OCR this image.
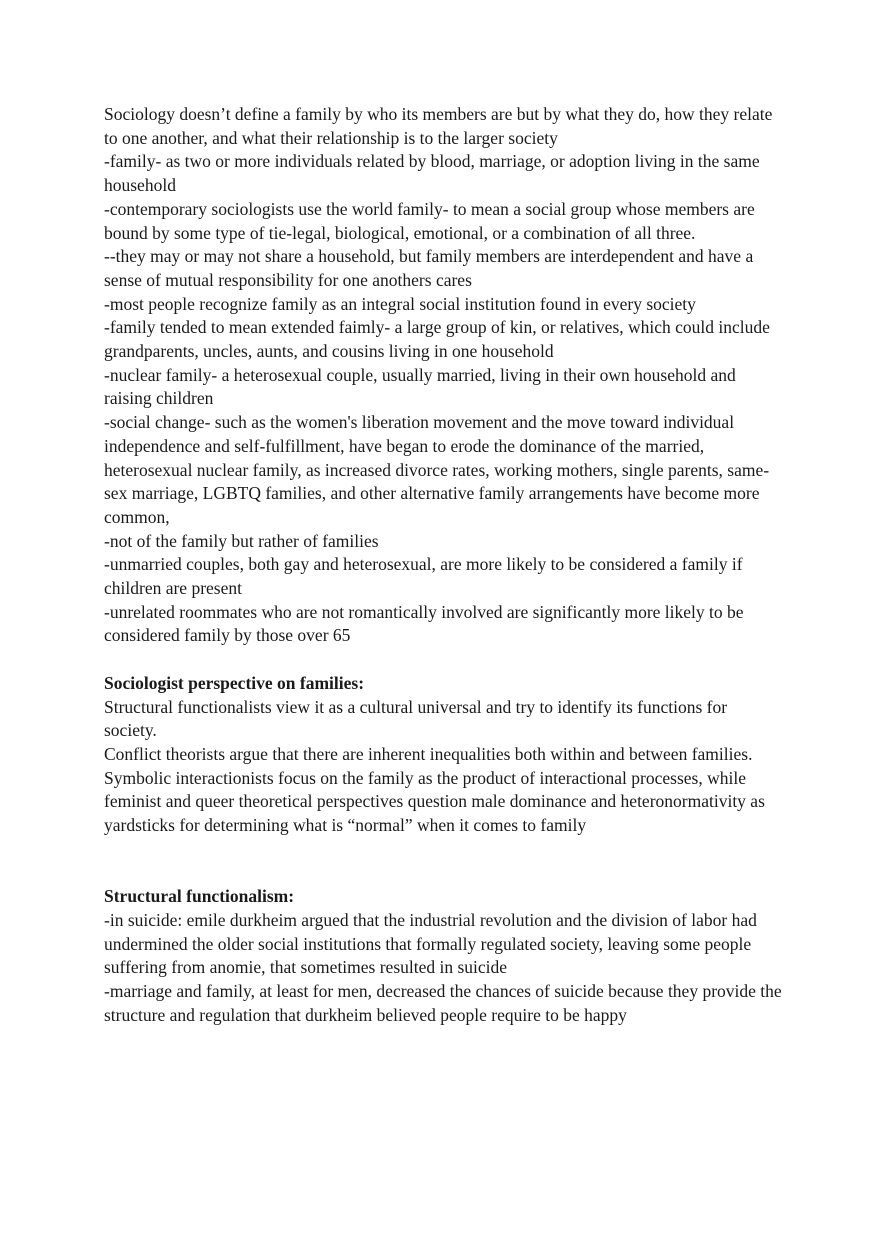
Sociology doesn’t define a family by who its members are but by what they do, how they relate to one another, and what their relationship is to the larger society

-family- as two or more individuals related by blood, marriage, or adoption living in the same household

-contemporary sociologists use the world family- to mean a social group whose members are bound by some type of tie-legal, biological, emotional, or a combination of all three.

--they may or may not share a household, but family members are interdependent and have a sense of mutual responsibility for one anothers cares

-most people recognize family as an integral social institution found in every society

-family tended to mean extended faimly- a large group of kin, or relatives, which could include grandparents, uncles, aunts, and cousins living in one household

-nuclear family- a heterosexual couple, usually married, living in their own household and raising children

-social change- such as the women's liberation movement and the move toward individual independence and self-fulfillment, have began to erode the dominance of the married, heterosexual nuclear family, as increased divorce rates, working mothers, single parents, same-sex marriage, LGBTQ families, and other alternative family arrangements have become more common,

-not of the family but rather of families

-unmarried couples, both gay and heterosexual, are more likely to be considered a family if children are present

-unrelated roommates who are not romantically involved are significantly more likely to be considered family by those over 65

Sociologist perspective on families:

Structural functionalists view it as a cultural universal and try to identify its functions for society.

Conflict theorists argue that there are inherent inequalities both within and between families.

Symbolic interactionists focus on the family as the product of interactional processes, while feminist and queer theoretical perspectives question male dominance and heteronormativity as yardsticks for determining what is “normal” when it comes to family

Structural functionalism:

-in suicide: emile durkheim argued that the industrial revolution and the division of labor had undermined the older social institutions that formally regulated society, leaving some people suffering from anomie, that sometimes resulted in suicide

-marriage and family, at least for men, decreased the chances of suicide because they provide the structure and regulation that durkheim believed people require to be happy
